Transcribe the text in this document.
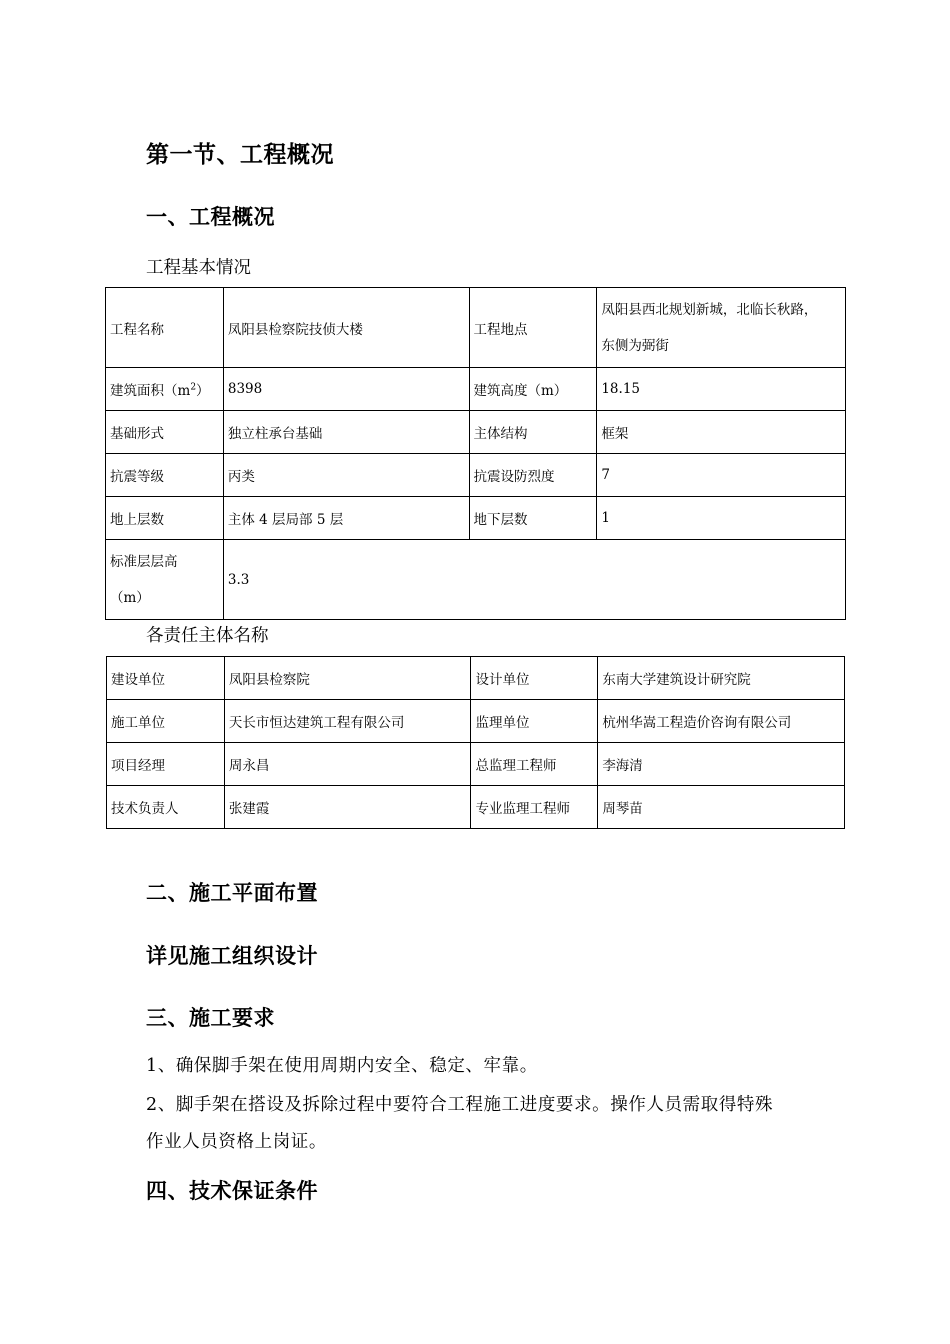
第一节、工程概况
一、工程概况
工程基本情况
工程名称	凤阳县检察院技侦大楼	工程地点	凤阳县西北规划新城，北临长秋路，
东侧为弼街

建筑面积$(m^2)$	8398	建筑高度（m）	18.15
基础形式	独立柱承台基础	主体结构	框架
抗震等级	丙类	抗震设防烈度	7
地上层数	主体 4 层局部 5 层	地下层数	1

标准层层高
（m）	3.3		
各责任主体名称
建设单位	凤阳县检察院	设计单位	东南大学建筑设计研究院
施工单位	天长市恒达建筑工程有限公司	监理单位	杭州华嵩工程造价咨询有限公司
项目经理	周永昌	总监理工程师	李海清
技术负责人	张建霞	专业监理工程师	周琴苗
二、施工平面布置
详见施工组织设计
三、施工要求
1、确保脚手架在使用周期内安全、稳定、牢靠。
2、脚手架在搭设及拆除过程中要符合工程施工进度要求。操作人员需取得特殊
作业人员资格上岗证。
四、技术保证条件
